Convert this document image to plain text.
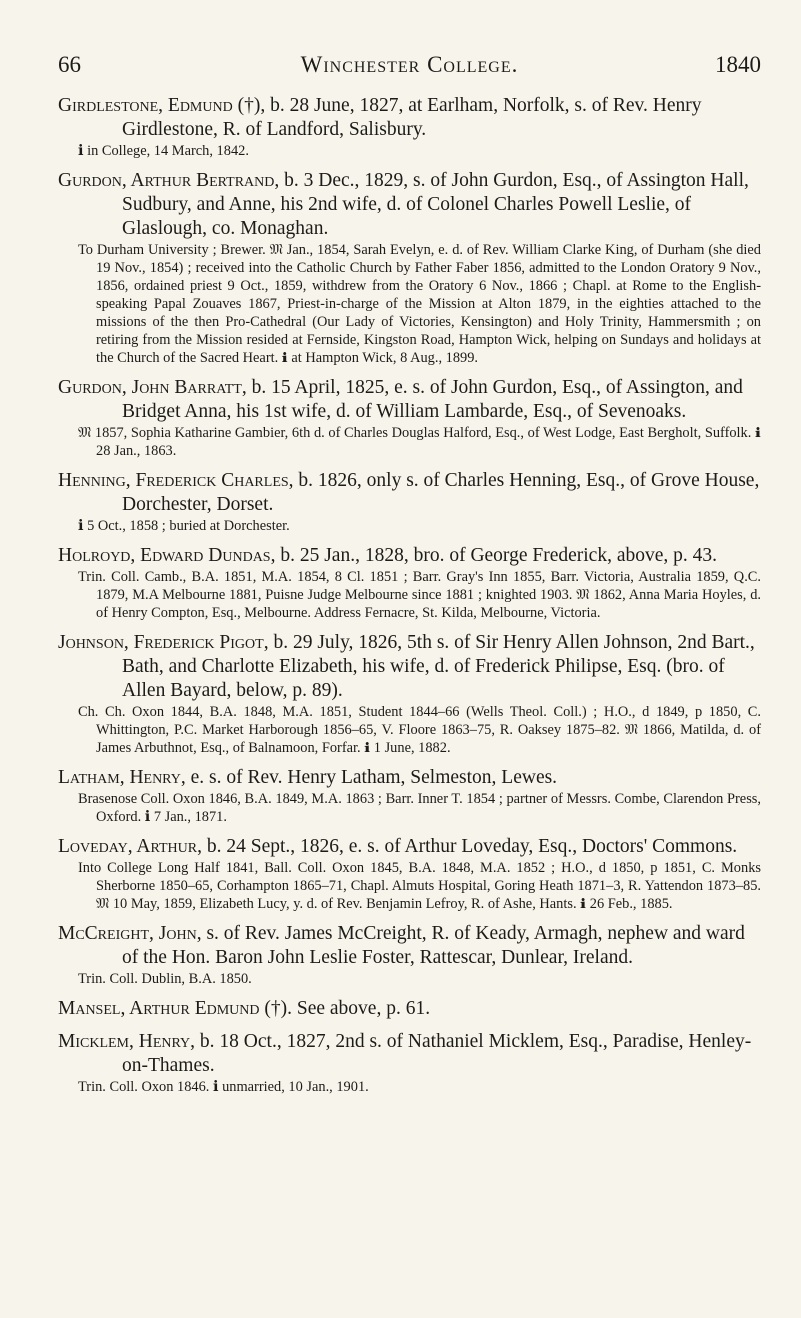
66	Winchester College.	1840
Girdlestone, Edmund (†), b. 28 June, 1827, at Earlham, Norfolk, s. of Rev. Henry Girdlestone, R. of Landford, Salisbury.
ℹ in College, 14 March, 1842.
Gurdon, Arthur Bertrand, b. 3 Dec., 1829, s. of John Gurdon, Esq., of Assington Hall, Sudbury, and Anne, his 2nd wife, d. of Colonel Charles Powell Leslie, of Glaslough, co. Monaghan.
To Durham University ; Brewer. 𝔐 Jan., 1854, Sarah Evelyn, e. d. of Rev. William Clarke King, of Durham (she died 19 Nov., 1854) ; received into the Catholic Church by Father Faber 1856, admitted to the London Oratory 9 Nov., 1856, ordained priest 9 Oct., 1859, withdrew from the Oratory 6 Nov., 1866 ; Chapl. at Rome to the English-speaking Papal Zouaves 1867, Priest-in-charge of the Mission at Alton 1879, in the eighties attached to the missions of the then Pro-Cathedral (Our Lady of Victories, Kensington) and Holy Trinity, Hammersmith ; on retiring from the Mission resided at Fernside, Kingston Road, Hampton Wick, helping on Sundays and holidays at the Church of the Sacred Heart. ℹ at Hampton Wick, 8 Aug., 1899.
Gurdon, John Barratt, b. 15 April, 1825, e. s. of John Gurdon, Esq., of Assington, and Bridget Anna, his 1st wife, d. of William Lambarde, Esq., of Sevenoaks.
𝔐 1857, Sophia Katharine Gambier, 6th d. of Charles Douglas Halford, Esq., of West Lodge, East Bergholt, Suffolk. ℹ 28 Jan., 1863.
Henning, Frederick Charles, b. 1826, only s. of Charles Henning, Esq., of Grove House, Dorchester, Dorset.
ℹ 5 Oct., 1858 ; buried at Dorchester.
Holroyd, Edward Dundas, b. 25 Jan., 1828, bro. of George Frederick, above, p. 43.
Trin. Coll. Camb., B.A. 1851, M.A. 1854, 8 Cl. 1851 ; Barr. Gray's Inn 1855, Barr. Victoria, Australia 1859, Q.C. 1879, M.A Melbourne 1881, Puisne Judge Melbourne since 1881 ; knighted 1903. 𝔐 1862, Anna Maria Hoyles, d. of Henry Compton, Esq., Melbourne. Address Fernacre, St. Kilda, Melbourne, Victoria.
Johnson, Frederick Pigot, b. 29 July, 1826, 5th s. of Sir Henry Allen Johnson, 2nd Bart., Bath, and Charlotte Elizabeth, his wife, d. of Frederick Philipse, Esq. (bro. of Allen Bayard, below, p. 89).
Ch. Ch. Oxon 1844, B.A. 1848, M.A. 1851, Student 1844–66 (Wells Theol. Coll.) ; H.O., d 1849, p 1850, C. Whittington, P.C. Market Harborough 1856–65, V. Floore 1863–75, R. Oaksey 1875–82. 𝔐 1866, Matilda, d. of James Arbuthnot, Esq., of Balnamoon, Forfar. ℹ 1 June, 1882.
Latham, Henry, e. s. of Rev. Henry Latham, Selmeston, Lewes.
Brasenose Coll. Oxon 1846, B.A. 1849, M.A. 1863 ; Barr. Inner T. 1854 ; partner of Messrs. Combe, Clarendon Press, Oxford. ℹ 7 Jan., 1871.
Loveday, Arthur, b. 24 Sept., 1826, e. s. of Arthur Loveday, Esq., Doctors' Commons.
Into College Long Half 1841, Ball. Coll. Oxon 1845, B.A. 1848, M.A. 1852 ; H.O., d 1850, p 1851, C. Monks Sherborne 1850–65, Corhampton 1865–71, Chapl. Almuts Hospital, Goring Heath 1871–3, R. Yattendon 1873–85. 𝔐 10 May, 1859, Elizabeth Lucy, y. d. of Rev. Benjamin Lefroy, R. of Ashe, Hants. ℹ 26 Feb., 1885.
McCreight, John, s. of Rev. James McCreight, R. of Keady, Armagh, nephew and ward of the Hon. Baron John Leslie Foster, Rattescar, Dunlear, Ireland.
Trin. Coll. Dublin, B.A. 1850.
Mansel, Arthur Edmund (†). See above, p. 61.
Micklem, Henry, b. 18 Oct., 1827, 2nd s. of Nathaniel Micklem, Esq., Paradise, Henley-on-Thames.
Trin. Coll. Oxon 1846. ℹ unmarried, 10 Jan., 1901.
